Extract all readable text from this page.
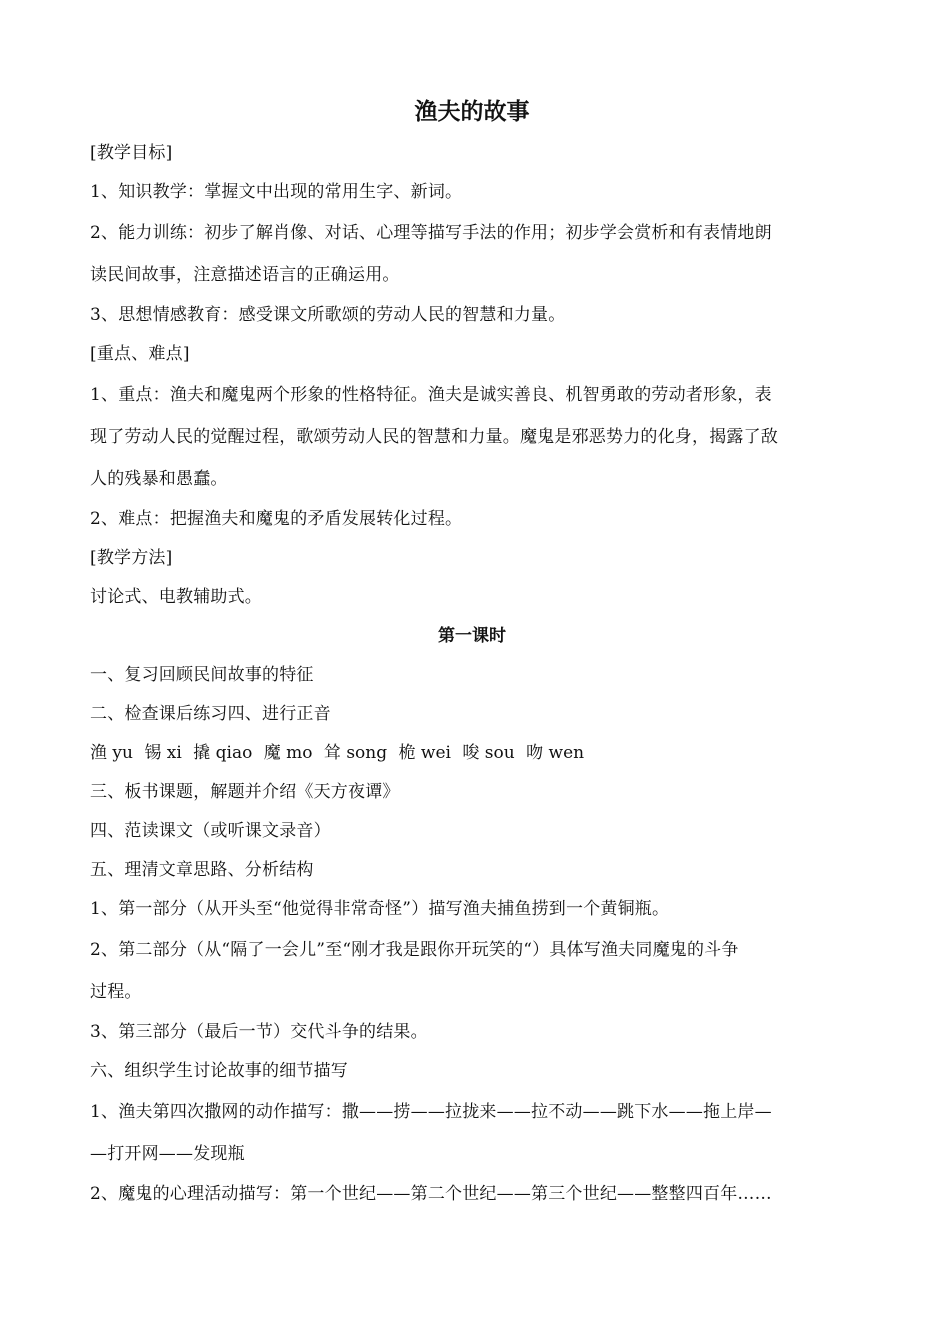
渔夫的故事
[教学目标]
1、知识教学：掌握文中出现的常用生字、新词。
2、能力训练：初步了解肖像、对话、心理等描写手法的作用；初步学会赏析和有表情地朗
读民间故事，注意描述语言的正确运用。
3、思想情感教育：感受课文所歌颂的劳动人民的智慧和力量。
[重点、难点]
1、重点：渔夫和魔鬼两个形象的性格特征。渔夫是诚实善良、机智勇敢的劳动者形象，表
现了劳动人民的觉醒过程，歌颂劳动人民的智慧和力量。魔鬼是邪恶势力的化身，揭露了敌
人的残暴和愚蠢。
2、难点：把握渔夫和魔鬼的矛盾发展转化过程。
[教学方法]
讨论式、电教辅助式。
第一课时
一、复习回顾民间故事的特征
二、检查课后练习四、进行正音
渔 yu 锡 xi 撬 qiao 魔 mo 耸 song 桅 wei 唆 sou 吻 wen
三、板书课题，解题并介绍《天方夜谭》
四、范读课文（或听课文录音）
五、理清文章思路、分析结构
1、第一部分（从开头至“他觉得非常奇怪”）描写渔夫捕鱼捞到一个黄铜瓶。
2、第二部分（从“隔了一会儿”至“刚才我是跟你开玩笑的“）具体写渔夫同魔鬼的斗争
过程。
3、第三部分（最后一节）交代斗争的结果。
六、组织学生讨论故事的细节描写
1、渔夫第四次撒网的动作描写：撒——捞——拉拢来——拉不动——跳下水——拖上岸—
—打开网——发现瓶
2、魔鬼的心理活动描写：第一个世纪——第二个世纪——第三个世纪——整整四百年……
